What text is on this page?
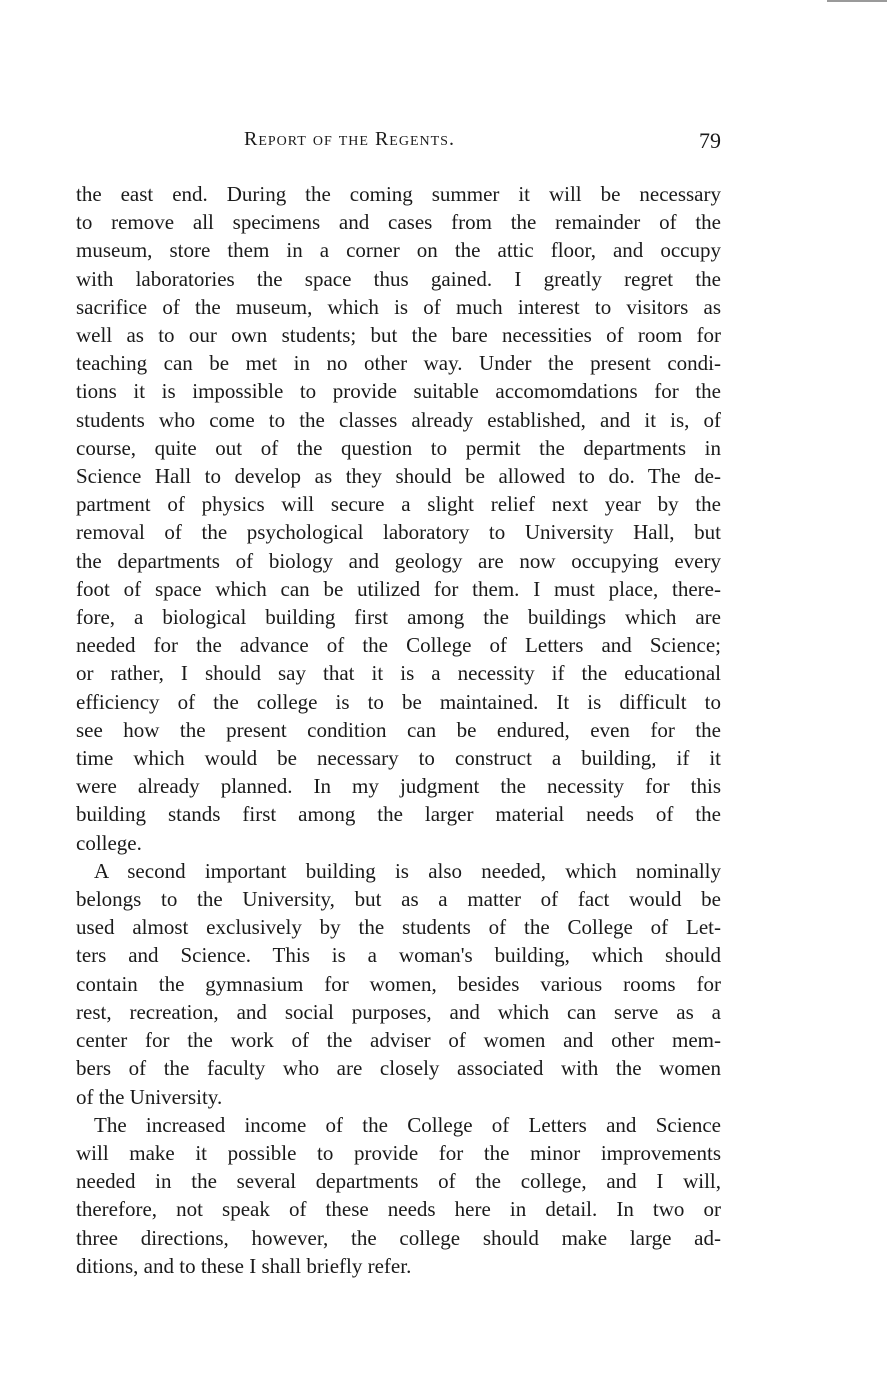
Report of the Regents.	79
the east end. During the coming summer it will be necessary
to remove all specimens and cases from the remainder of the
museum, store them in a corner on the attic floor, and occupy
with laboratories the space thus gained. I greatly regret the
sacrifice of the museum, which is of much interest to visitors as
well as to our own students; but the bare necessities of room for
teaching can be met in no other way. Under the present condi-
tions it is impossible to provide suitable accomomdations for the
students who come to the classes already established, and it is, of
course, quite out of the question to permit the departments in
Science Hall to develop as they should be allowed to do. The de-
partment of physics will secure a slight relief next year by the
removal of the psychological laboratory to University Hall, but
the departments of biology and geology are now occupying every
foot of space which can be utilized for them. I must place, there-
fore, a biological building first among the buildings which are
needed for the advance of the College of Letters and Science;
or rather, I should say that it is a necessity if the educational
efficiency of the college is to be maintained. It is difficult to
see how the present condition can be endured, even for the
time which would be necessary to construct a building, if it
were already planned. In my judgment the necessity for this
building stands first among the larger material needs of the
college.
A second important building is also needed, which nominally
belongs to the University, but as a matter of fact would be
used almost exclusively by the students of the College of Let-
ters and Science. This is a woman's building, which should
contain the gymnasium for women, besides various rooms for
rest, recreation, and social purposes, and which can serve as a
center for the work of the adviser of women and other mem-
bers of the faculty who are closely associated with the women
of the University.
The increased income of the College of Letters and Science
will make it possible to provide for the minor improvements
needed in the several departments of the college, and I will,
therefore, not speak of these needs here in detail. In two or
three directions, however, the college should make large ad-
ditions, and to these I shall briefly refer.
